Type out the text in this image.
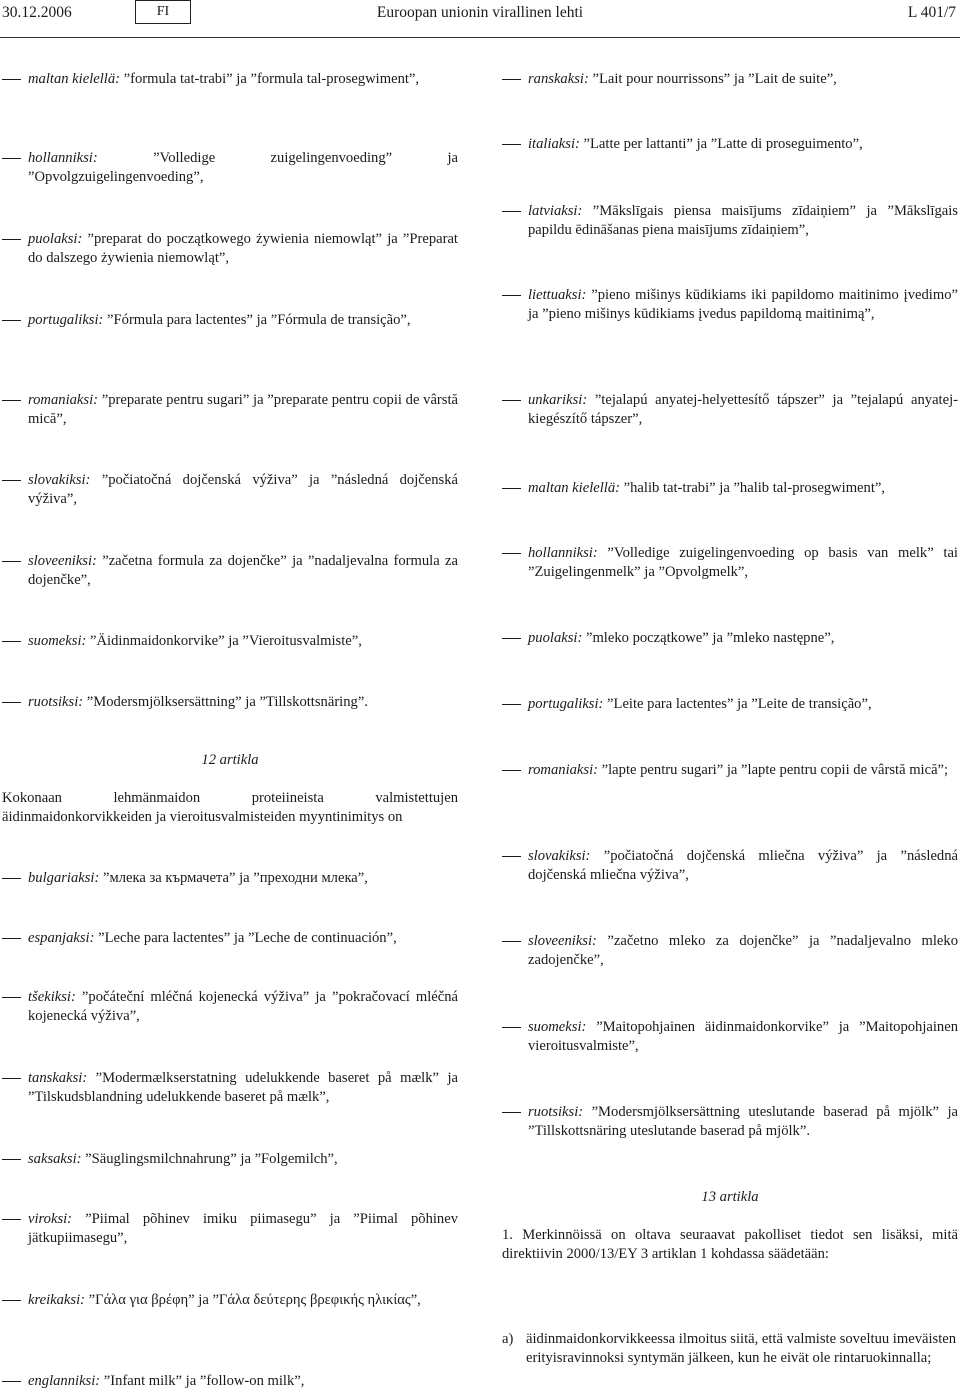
30.12.2006	FI	Euroopan unionin virallinen lehti	L 401/7
maltan kielellä: ”formula tat-trabi” ja ”formula tal-prosegwiment”,
hollanniksi: ”Volledige zuigelingenvoeding” ja ”Opvolgzuigelingenvoeding”,
puolaksi: ”preparat do początkowego żywienia niemowląt” ja ”Preparat do dalszego żywienia niemowląt”,
portugaliksi: ”Fórmula para lactentes” ja ”Fórmula de transição”,
romaniaksi: ”preparate pentru sugari” ja ”preparate pentru copii de vârstă mică”,
slovakiksi: ”počiatočná dojčenská výživa” ja ”následná dojčenská výživa”,
sloveeniksi: ”začetna formula za dojenčke” ja ”nadaljevalna formula za dojenčke”,
suomeksi: ”Äidinmaidonkorvike” ja ”Vieroitusvalmiste”,
ruotsiksi: ”Modersmjölksersättning” ja ”Tillskottsnäring”.
12 artikla
Kokonaan lehmänmaidon proteiineista valmistettujen äidinmaidonkorvikkeiden ja vieroitusvalmisteiden myyntinimitys on
bulgariaksi: ”млека за кърмачета” ja ”преходни млека”,
espanjaksi: ”Leche para lactentes” ja ”Leche de continuación”,
tšekiksi: ”počáteční mléčná kojenecká výživa” ja ”pokračovací mléčná kojenecká výživa”,
tanskaksi: ”Modermælkserstatning udelukkende baseret på mælk” ja ”Tilskudsblandning udelukkende baseret på mælk”,
saksaksi: ”Säuglingsmilchnahrung” ja ”Folgemilch”,
viroksi: ”Piimal põhinev imiku piimasegu” ja ”Piimal põhinev jätkupiimasegu”,
kreikaksi: ”Γάλα για βρέφη” ja ”Γάλα δεύτερης βρεφικής ηλικίας”,
englanniksi: ”Infant milk” ja ”follow-on milk”,
ranskaksi: ”Lait pour nourrissons” ja ”Lait de suite”,
italiaksi: ”Latte per lattanti” ja ”Latte di proseguimento”,
latviaksi: ”Mākslīgais piensa maisījums zīdaiņiem” ja ”Mākslīgais papildu ēdināšanas piena maisījums zīdaiņiem”,
liettuaksi: ”pieno mišinys kūdikiams iki papildomo maitinimo įvedimo” ja ”pieno mišinys kūdikiams įvedus papildomą maitinimą”,
unkariksi: ”tejalapú anyatej-helyettesítő tápszer” ja ”tejalapú anyatej-kiegészítő tápszer”,
maltan kielellä: ”halib tat-trabi” ja ”halib tal-prosegwiment”,
hollanniksi: ”Volledige zuigelingenvoeding op basis van melk” tai ”Zuigelingenmelk” ja ”Opvolgmelk”,
puolaksi: ”mleko początkowe” ja ”mleko następne”,
portugaliksi: ”Leite para lactentes” ja ”Leite de transição”,
romaniaksi: ”lapte pentru sugari” ja ”lapte pentru copii de vârstă mică”;
slovakiksi: ”počiatočná dojčenská mliečna výživa” ja ”následná dojčenská mliečna výživa”,
sloveeniksi: ”začetno mleko za dojenčke” ja ”nadaljevalno mleko zadojenčke”,
suomeksi: ”Maitopohjainen äidinmaidonkorvike” ja ”Maitopohjainen vieroitusvalmiste”,
ruotsiksi: ”Modersmjölksersättning uteslutande baserad på mjölk” ja ”Tillskottsnäring uteslutande baserad på mjölk”.
13 artikla
1. Merkinnöissä on oltava seuraavat pakolliset tiedot sen lisäksi, mitä direktiivin 2000/13/EY 3 artiklan 1 kohdassa säädetään:
a) äidinmaidonkorvikkeessa ilmoitus siitä, että valmiste soveltuu imeväisten erityisravinnoksi syntymän jälkeen, kun he eivät ole rintaruokinnalla;
